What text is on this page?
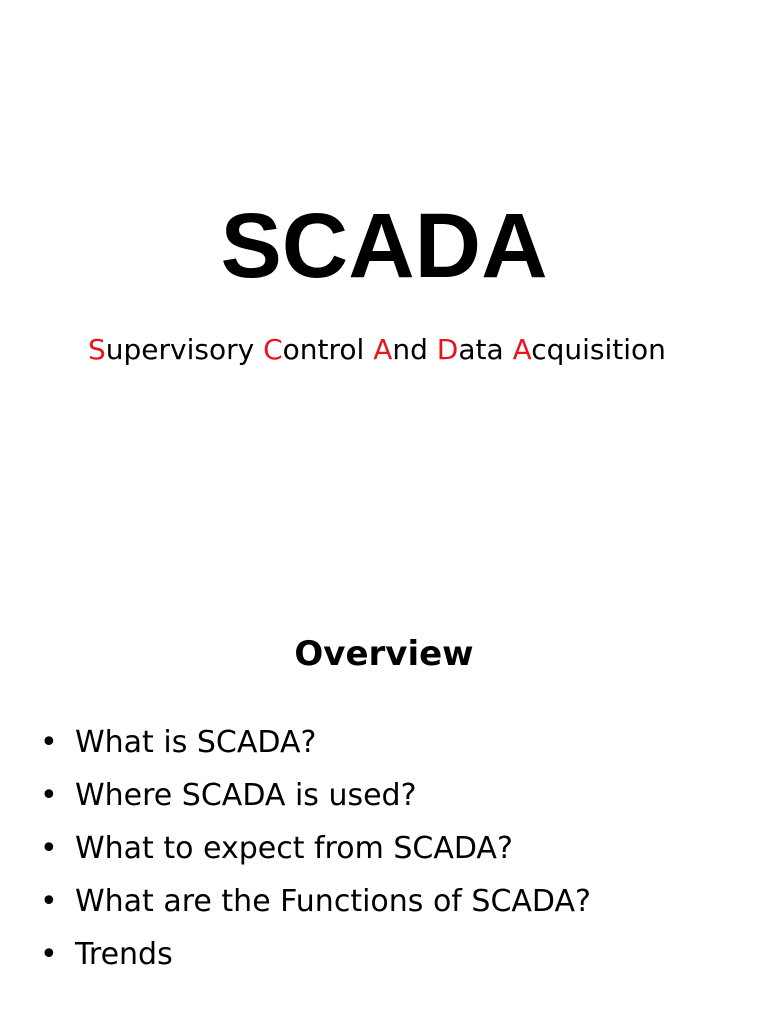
SCADA

Supervisory Control And Data Acquisition

Overview
• What is SCADA?
• Where SCADA is used?
• What to expect from SCADA?
• What are the Functions of SCADA?
• Trends
